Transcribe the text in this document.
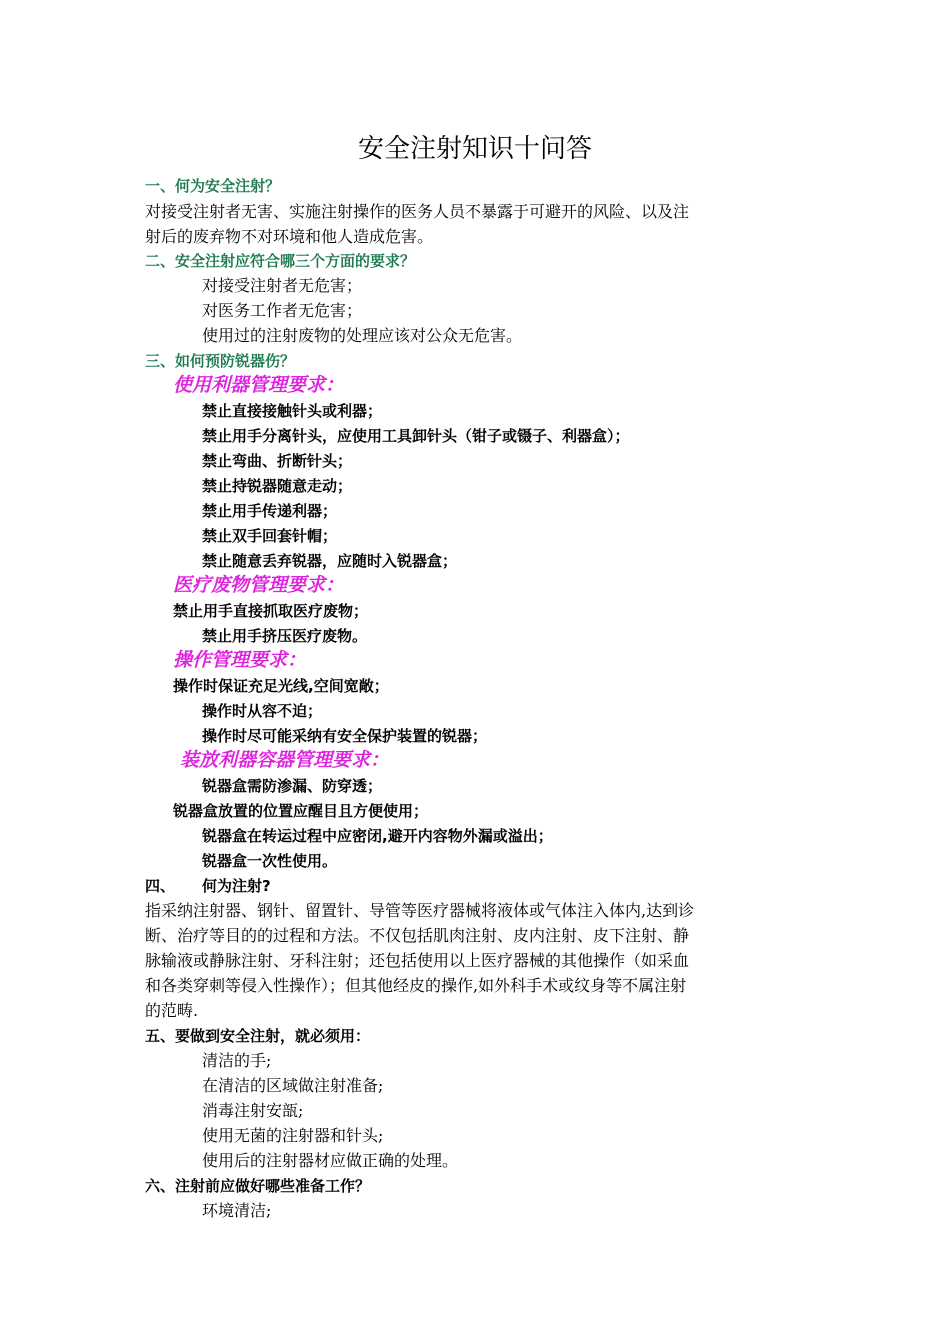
安全注射知识十问答
一、何为安全注射？
对接受注射者无害、实施注射操作的医务人员不暴露于可避开的风险、以及注
射后的废弃物不对环境和他人造成危害。
二、安全注射应符合哪三个方面的要求？
对接受注射者无危害；
对医务工作者无危害；
使用过的注射废物的处理应该对公众无危害。
三、如何预防锐器伤？
使用利器管理要求：
禁止直接接触针头或利器；
禁止用手分离针头，应使用工具卸针头（钳子或镊子、利器盒）；
禁止弯曲、折断针头；
禁止持锐器随意走动；
禁止用手传递利器；
禁止双手回套针帽；
禁止随意丢弃锐器，应随时入锐器盒；
医疗废物管理要求：
禁止用手直接抓取医疗废物；
禁止用手挤压医疗废物。
操作管理要求：
操作时保证充足光线,空间宽敞；
操作时从容不迫；
操作时尽可能采纳有安全保护装置的锐器；
装放利器容器管理要求：
锐器盒需防渗漏、防穿透；
锐器盒放置的位置应醒目且方便使用；
锐器盒在转运过程中应密闭,避开内容物外漏或溢出；
锐器盒一次性使用。
四、 何为注射?
指采纳注射器、钢针、留置针、导管等医疗器械将液体或气体注入体内,达到诊
断、治疗等目的的过程和方法。不仅包括肌肉注射、皮内注射、皮下注射、静
脉输液或静脉注射、牙科注射；还包括使用以上医疗器械的其他操作（如采血
和各类穿刺等侵入性操作）；但其他经皮的操作,如外科手术或纹身等不属注射
的范畴.
五、要做到安全注射，就必须用：
清洁的手;
在清洁的区域做注射准备;
消毒注射安瓿;
使用无菌的注射器和针头;
使用后的注射器材应做正确的处理。
六、注射前应做好哪些准备工作？
环境清洁;
